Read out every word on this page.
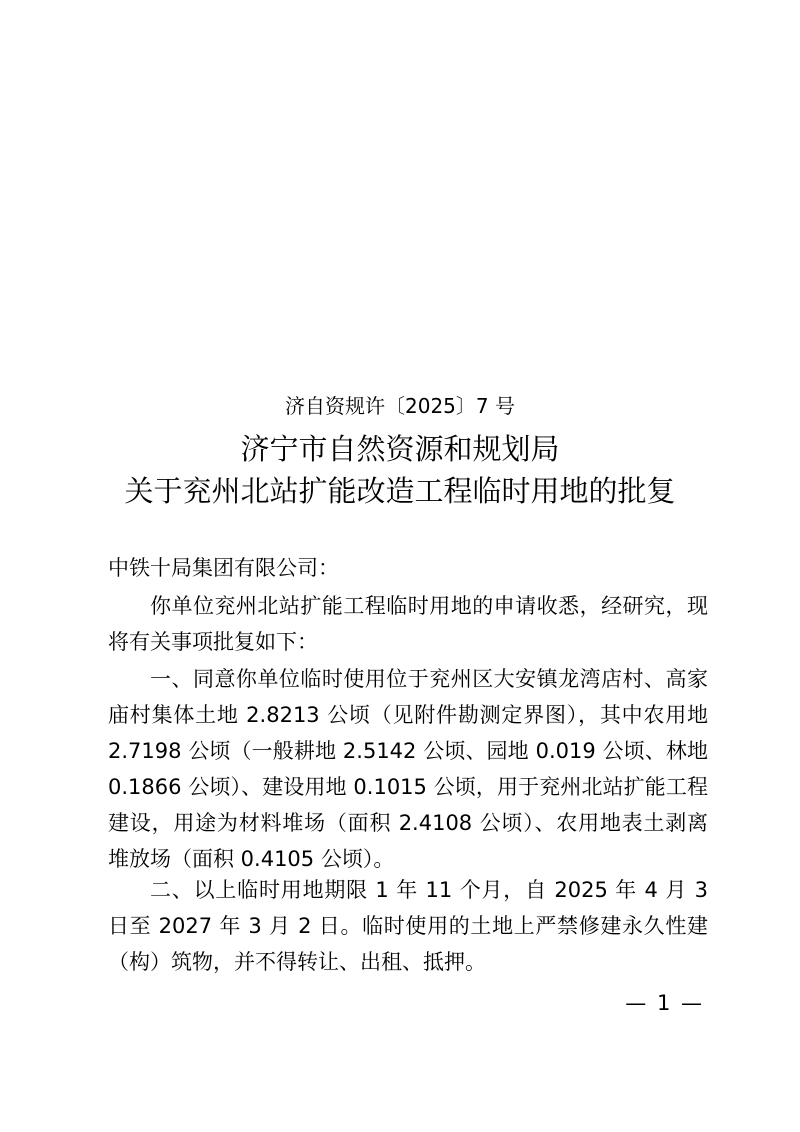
济自资规许〔2025〕7 号
济宁市自然资源和规划局
关于兖州北站扩能改造工程临时用地的批复
中铁十局集团有限公司：

你单位兖州北站扩能工程临时用地的申请收悉，经研究，现将有关事项批复如下：

一、同意你单位临时使用位于兖州区大安镇龙湾店村、高家庙村集体土地 2.8213 公顷（见附件勘测定界图），其中农用地 2.7198 公顷（一般耕地 2.5142 公顷、园地 0.019 公顷、林地 0.1866 公顷）、建设用地 0.1015 公顷，用于兖州北站扩能工程建设，用途为材料堆场（面积 2.4108 公顷）、农用地表土剥离堆放场（面积 0.4105 公顷）。

二、以上临时用地期限 1 年 11 个月，自 2025 年 4 月 3 日至 2027 年 3 月 2 日。临时使用的土地上严禁修建永久性建（构）筑物，并不得转让、出租、抵押。

— 1 —
